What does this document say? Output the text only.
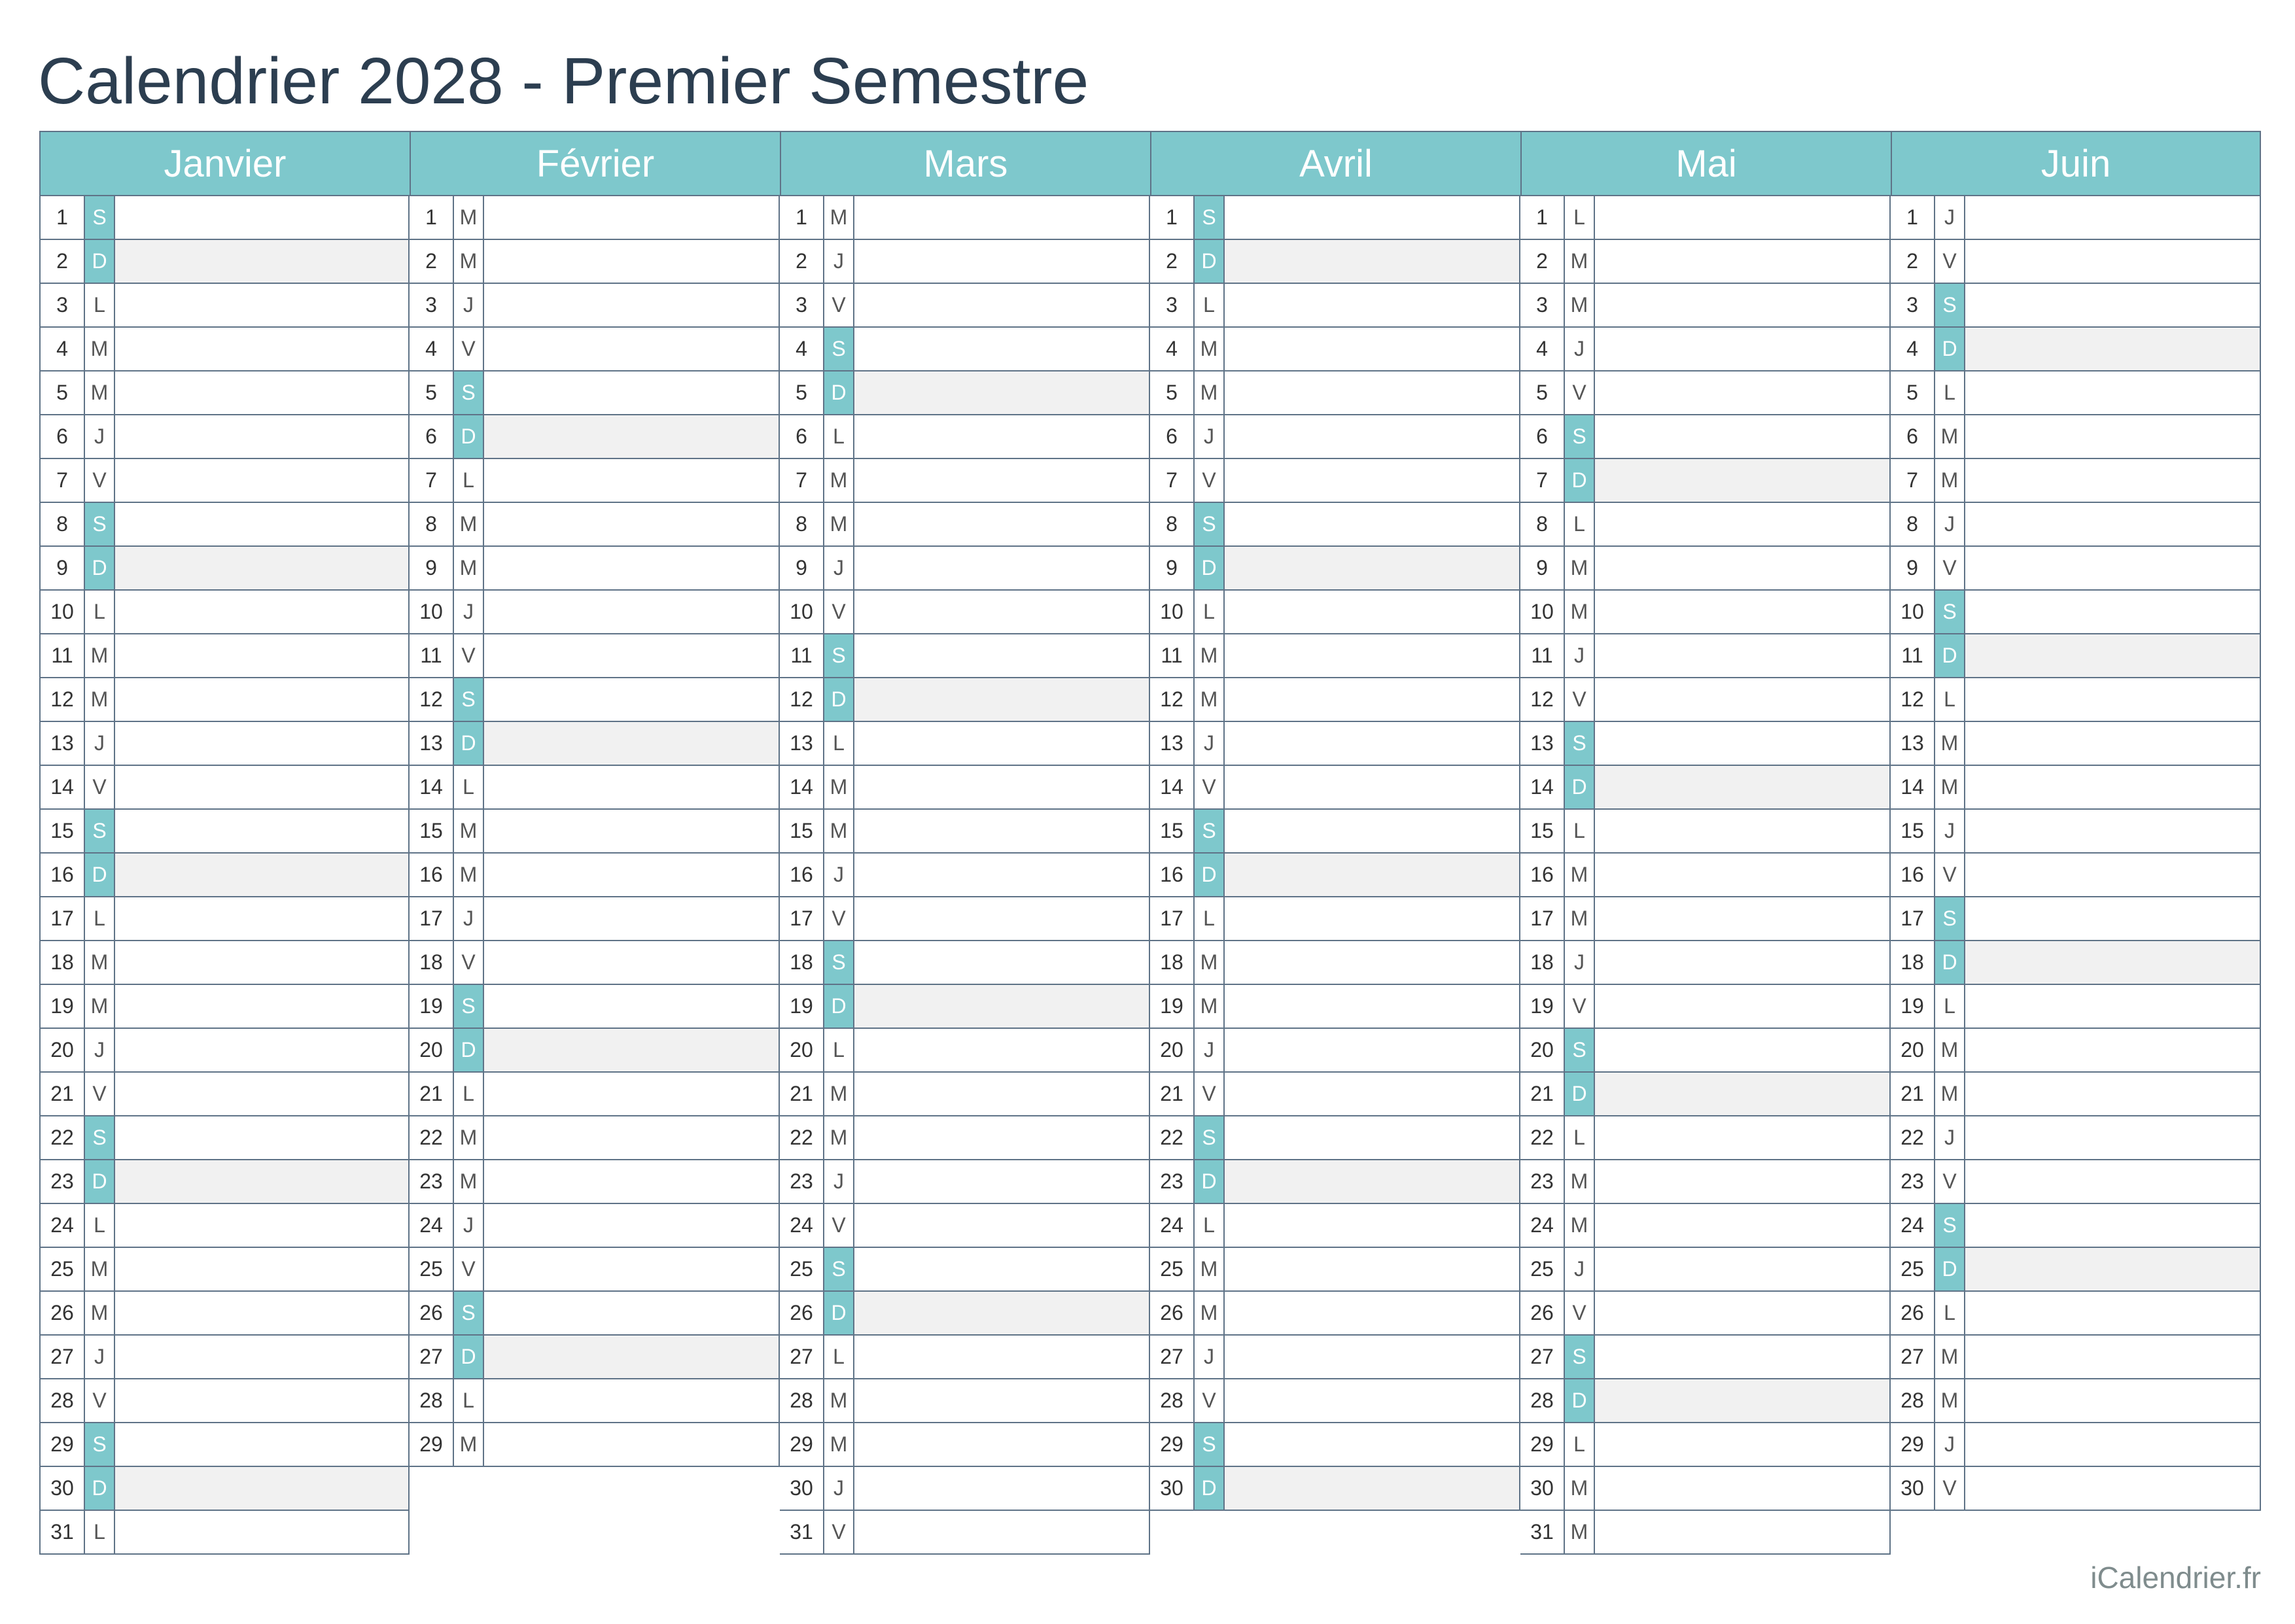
Calendrier 2028 - Premier Semestre
Janvier
1	S
2	D
3	L
4	M
5	M
6	J
7	V
8	S
9	D
10 L
11 M
12 M
13 J
14 V
15 S
16 D
17 L
18 M
19 M
20 J
21 V
22 S
23 D
24 L
25 M
26 M
27 J
28 V
29 S
30 D
31 L
Février
1	M
2	M
3	J
4	V
5	S
6	D
7	L
8	M
9	M
10 J
11 V
12 S
13 D
14 L
15 M
16 M
17 J
18 V
19 S
20 D
21 L
22 M
23 M
24 J
25 V
26 S
27 D
28 L
29 M
Mars
1	M
2	J
3	V
4	S
5	D
6	L
7	M
8	M
9	J
10 V
11 S
12 D
13 L
14 M
15 M
16 J
17 V
18 S
19 D
20 L
21 M
22 M
23 J
24 V
25 S
26 D
27 L
28 M
29 M
30 J
31 V
Avril
1	S
2	D
3	L
4	M
5	M
6	J
7	V
8	S
9	D
10 L
11 M
12 M
13 J
14 V
15 S
16 D
17 L
18 M
19 M
20 J
21 V
22 S
23 D
24 L
25 M
26 M
27 J
28 V
29 S
30 D
Mai
1	L
2	M
3	M
4	J
5	V
6	S
7	D
8	L
9	M
10 M
11	J
12 V
13 S
14 D
15 L
16 M
17 M
18 J
19 V
20 S
21 D
22 L
23 M
24 M
25 J
26 V
27 S
28 D
29 L
30 M
31 M
Juin
1	J
2	V
3	S
4	D
5	L
6	M
7	M
8	J
9	V
10 S
11 D
12 L
13 M
14 M
15 J
16 V
17 S
18 D
19 L
20 M
21 M
22 J
23 V
24 S
25 D
26 L
27 M
28 M
29 J
30 V
iCalendrier.fr
